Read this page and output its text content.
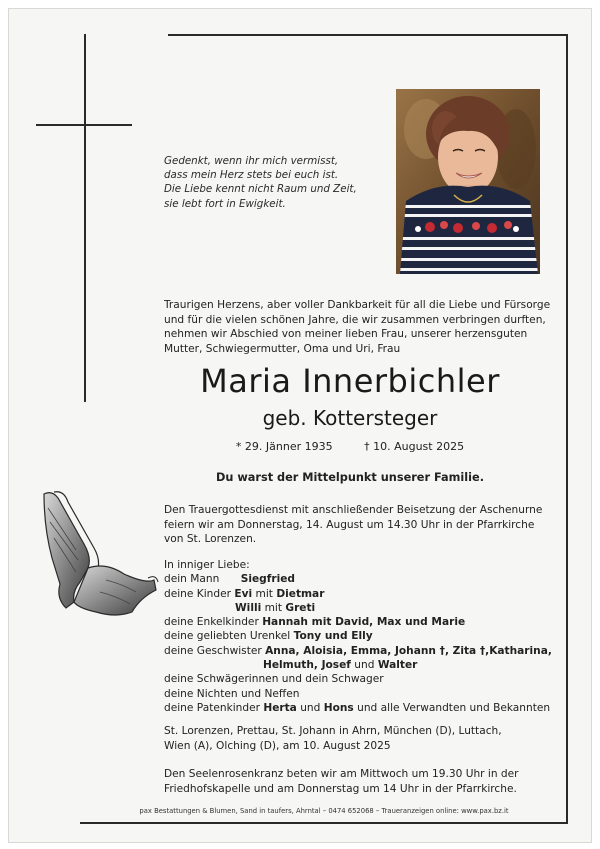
Gedenkt, wenn ihr mich vermisst,
dass mein Herz stets bei euch ist.
Die Liebe kennt nicht Raum und Zeit,
sie lebt fort in Ewigkeit.
Traurigen Herzens, aber voller Dankbarkeit für all die Liebe und Fürsorge
und für die vielen schönen Jahre, die wir zusammen verbringen durften,
nehmen wir Abschied von meiner lieben Frau, unserer herzensguten
Mutter, Schwiegermutter, Oma und Uri, Frau
Maria Innerbichler
geb. Kottersteger
* 29. Jänner 1935	† 10. August 2025
Du warst der Mittelpunkt unserer Familie.
Den Trauergottesdienst mit anschließender Beisetzung der Aschenurne
feiern wir am Donnerstag, 14. August um 14.30 Uhr in der Pfarrkirche
von St. Lorenzen.
In inniger Liebe:
dein Mann Siegfried
deine Kinder Evi mit Dietmar
Willi mit Greti
deine Enkelkinder Hannah mit David, Max und Marie
deine geliebten Urenkel Tony und Elly
deine Geschwister Anna, Aloisia, Emma, Johann †, Zita †,Katharina,
Helmuth, Josef und Walter
deine Schwägerinnen und dein Schwager
deine Nichten und Neffen
deine Patenkinder Herta und Hons und alle Verwandten und Bekannten
St. Lorenzen, Prettau, St. Johann in Ahrn, München (D), Luttach,
Wien (A), Olching (D), am 10. August 2025
Den Seelenrosenkranz beten wir am Mittwoch um 19.30 Uhr in der
Friedhofskapelle und am Donnerstag um 14 Uhr in der Pfarrkirche.
pax Bestattungen & Blumen, Sand in taufers, Ahrntal – 0474 652068 – Traueranzeigen online: www.pax.bz.it
